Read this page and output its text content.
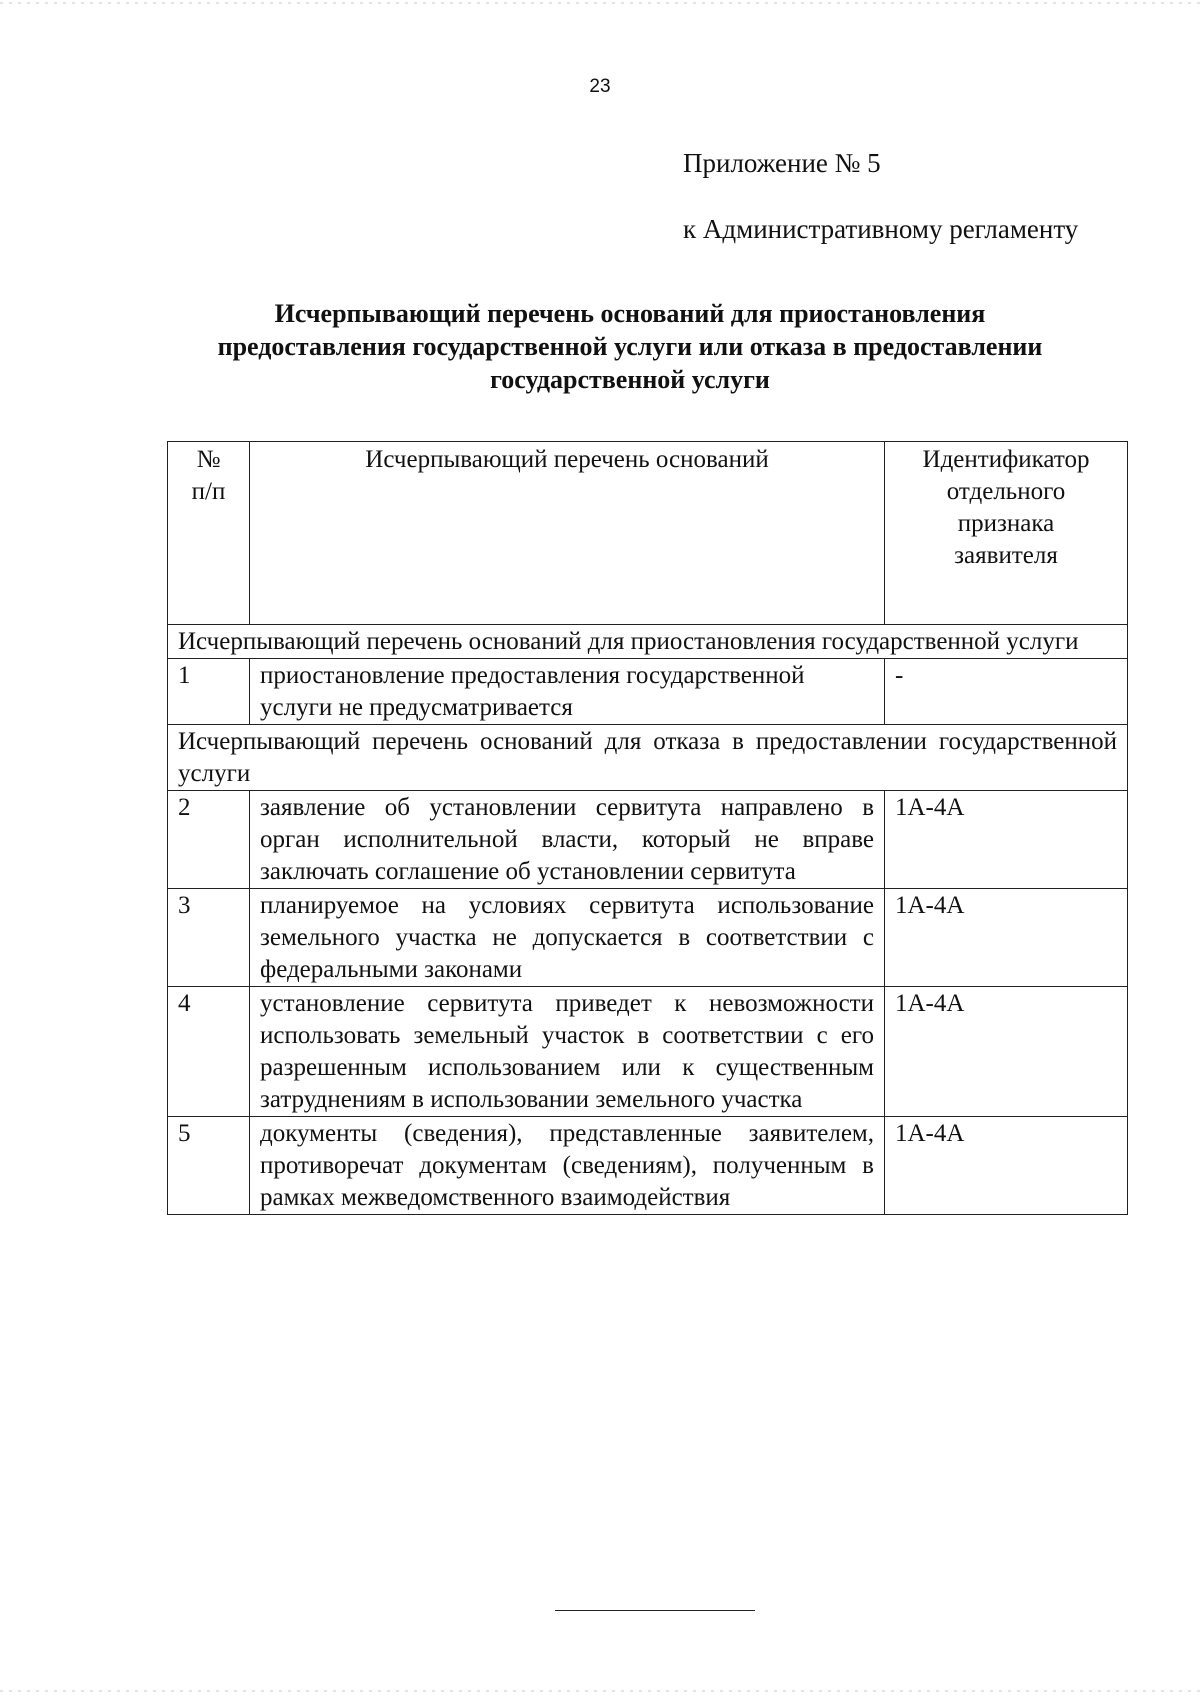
23
Приложение № 5
к Административному регламенту
Исчерпывающий перечень оснований для приостановления
предоставления государственной услуги или отказа в предоставлении
государственной услуги
№ п/п	Исчерпывающий перечень оснований	Идентификатор отдельного признака заявителя

Исчерпывающий перечень оснований для приостановления государственной услуги		
1	приостановление предоставления государственной услуги не предусматривается	-
Исчерпывающий перечень оснований для отказа в предоставлении государственной услуги		
2	заявление об установлении сервитута направлено в орган исполнительной власти, который не вправе заключать соглашение об установлении сервитута	1А-4А
3	планируемое на условиях сервитута использование земельного участка не допускается в соответствии с федеральными законами	1А-4А
4	установление сервитута приведет к невозможности использовать земельный участок в соответствии с его разрешенным использованием или к существенным затруднениям в использовании земельного участка	1А-4А
5	документы (сведения), представленные заявителем, противоречат документам (сведениям), полученным в рамках межведомственного взаимодействия	1А-4А
